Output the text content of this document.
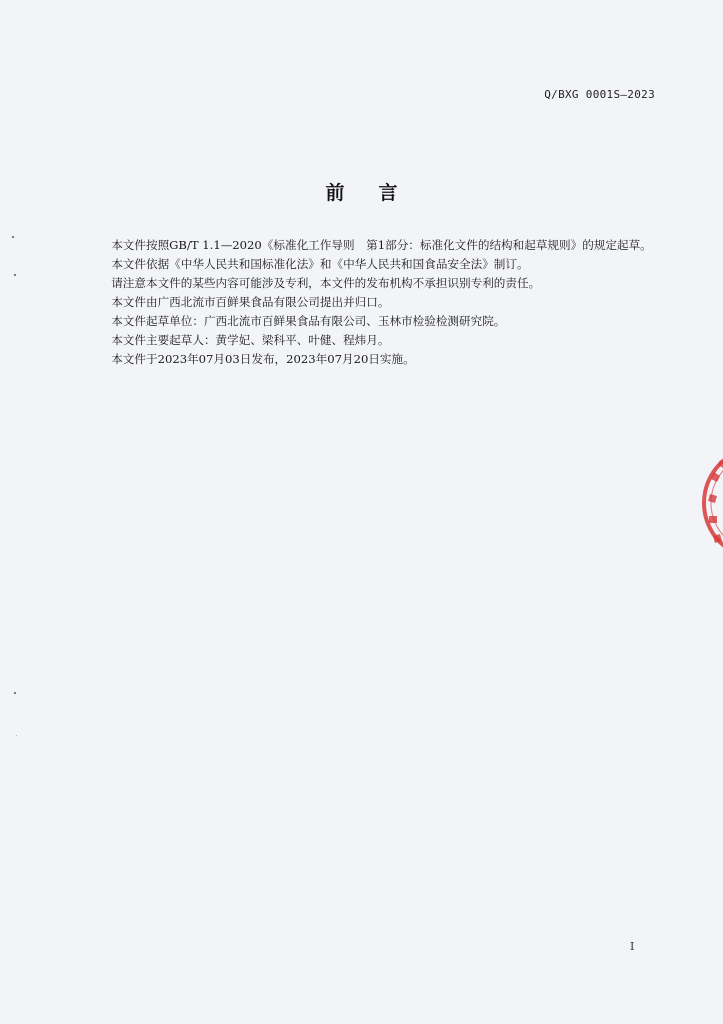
Q/BXG 0001S—2023
前言

本文件按照GB/T 1.1—2020《标准化工作导则　第1部分：标准化文件的结构和起草规则》的规定起草。

本文件依据《中华人民共和国标准化法》和《中华人民共和国食品安全法》制订。

请注意本文件的某些内容可能涉及专利，本文件的发布机构不承担识别专利的责任。

本文件由广西北流市百鲜果食品有限公司提出并归口。

本文件起草单位：广西北流市百鲜果食品有限公司、玉林市检验检测研究院。

本文件主要起草人：黄学妃、梁科平、叶健、程炜月。

本文件于2023年07月03日发布，2023年07月20日实施。

I
